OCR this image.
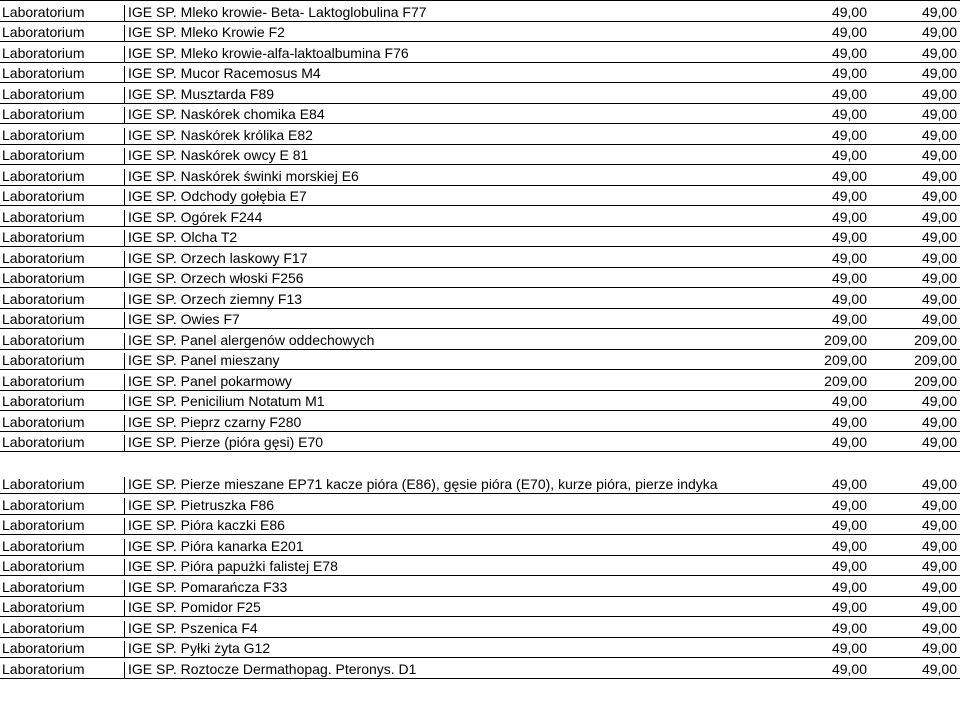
Laboratorium	IGE SP. Mleko krowie- Beta- Laktoglobulina F77	49,00	49,00
Laboratorium	IGE SP. Mleko Krowie F2	49,00	49,00
Laboratorium	IGE SP. Mleko krowie-alfa-laktoalbumina F76	49,00	49,00
Laboratorium	IGE SP. Mucor Racemosus M4	49,00	49,00
Laboratorium	IGE SP. Musztarda F89	49,00	49,00
Laboratorium	IGE SP. Naskórek chomika E84	49,00	49,00
Laboratorium	IGE SP. Naskórek królika E82	49,00	49,00
Laboratorium	IGE SP. Naskórek owcy E 81	49,00	49,00
Laboratorium	IGE SP. Naskórek świnki morskiej E6	49,00	49,00
Laboratorium	IGE SP. Odchody gołębia E7	49,00	49,00
Laboratorium	IGE SP. Ogórek F244	49,00	49,00
Laboratorium	IGE SP. Olcha T2	49,00	49,00
Laboratorium	IGE SP. Orzech laskowy F17	49,00	49,00
Laboratorium	IGE SP. Orzech włoski F256	49,00	49,00
Laboratorium	IGE SP. Orzech ziemny F13	49,00	49,00
Laboratorium	IGE SP. Owies F7	49,00	49,00
Laboratorium	IGE SP. Panel alergenów oddechowych	209,00	209,00
Laboratorium	IGE SP. Panel mieszany	209,00	209,00
Laboratorium	IGE SP. Panel pokarmowy	209,00	209,00
Laboratorium	IGE SP. Penicilium Notatum M1	49,00	49,00
Laboratorium	IGE SP. Pieprz czarny F280	49,00	49,00
Laboratorium	IGE SP. Pierze (pióra gęsi) E70	49,00	49,00
Laboratorium	IGE SP. Pierze mieszane EP71 kacze pióra (E86), gęsie pióra (E70), kurze pióra, pierze indyka	49,00	49,00
Laboratorium	IGE SP. Pietruszka F86	49,00	49,00
Laboratorium	IGE SP. Pióra kaczki E86	49,00	49,00
Laboratorium	IGE SP. Pióra kanarka E201	49,00	49,00
Laboratorium	IGE SP. Pióra papużki falistej E78	49,00	49,00
Laboratorium	IGE SP. Pomarańcza F33	49,00	49,00
Laboratorium	IGE SP. Pomidor F25	49,00	49,00
Laboratorium	IGE SP. Pszenica F4	49,00	49,00
Laboratorium	IGE SP. Pyłki żyta G12	49,00	49,00
Laboratorium	IGE SP. Roztocze Dermathopag. Pteronys. D1	49,00	49,00
